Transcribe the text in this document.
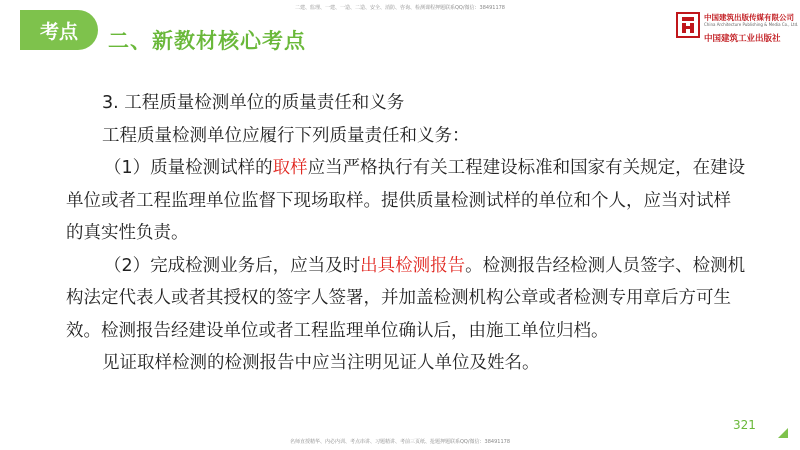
二建、监理、一建、一造、二造、安全、消防、咨询、检测课程押题联系QQ/微信：38491178
考点 二、新教材核心考点
中国建筑出版传媒有限公司
China Architecture Publishing & Media Co., Ltd.
中国建筑工业出版社

3. 工程质量检测单位的质量责任和义务

工程质量检测单位应履行下列质量责任和义务：

（1）质量检测试样的取样应当严格执行有关工程建设标准和国家有关规定，在建设单位或者工程监理单位监督下现场取样。提供质量检测试样的单位和个人，应当对试样的真实性负责。

（2）完成检测业务后，应当及时出具检测报告。检测报告经检测人员签字、检测机构法定代表人或者其授权的签字人签署，并加盖检测机构公章或者检测专用章后方可生效。检测报告经建设单位或者工程监理单位确认后，由施工单位归档。

见证取样检测的检测报告中应当注明见证人单位及姓名。

321
名师直授精华、内必内训、考点串讲、习题精讲、考前三页纸、抢题押题联系QQ/微信：38491178
